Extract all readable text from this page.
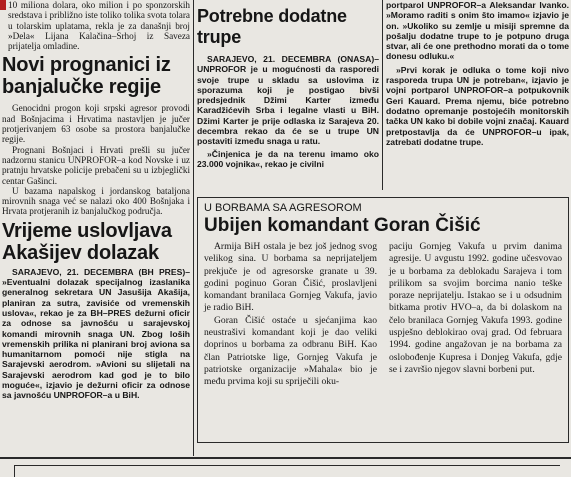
10 miliona dolara, oko milion i po sponzorskih sredstava i približno iste toliko tolika svota tolara u tolarskim uplatama, rekla je za današnji broj »Dela« Lijana Kalačina–Srhoj iz Saveza prijatelja omladine.

Novi prognanici iz banjalučke regije

Genocidni progon koji srpski agresor provodi nad Bošnjacima i Hrvatima nastavljen je jučer protjerivanjem 63 osobe sa prostora banjalučke regije.

Prognani Bošnjaci i Hrvati prešli su jučer nadzornu stanicu UNPROFOR–a kod Novske i uz pratnju hrvatske policije prebačeni su u izbjeglički centar Gašinci.

U bazama napalskog i jordanskog bataljona mirovnih snaga već se nalazi oko 400 Bošnjaka i Hrvata protjeranih iz banjalučkog područja.

Vrijeme uslovljava Akašijev dolazak

SARAJEVO, 21. DECEMBRA (BH PRES)– »Eventualni dolazak specijalnog izaslanika generalnog sekretara UN Jasušija Akašija, planiran za sutra, zavisiće od vremenskih uslova«, rekao je za BH–PRES dežurni oficir za odnose sa javnošću u sarajevskoj komandi mirovnih snaga UN. Zbog loših vremenskih prilika ni planirani broj aviona sa humanitarnom pomoći nije stigla na Sarajevski aerodrom. »Avioni su slijetali na Sarajevski aerodrom kad god je to bilo moguće«, izjavio je dežurni oficir za odnose sa javnošću UNPROFOR–a u BiH.

Potrebne dodatne trupe

SARAJEVO, 21. DECEMBRA (ONASA)– UNPROFOR je u mogućnosti da rasporedi svoje trupe u skladu sa uslovima iz sporazuma koji je postigao bivši predsjednik Džimi Karter između Karadžićevih Srba i legalne vlasti u BiH. Džimi Karter je prije odlaska iz Sarajeva 20. decembra rekao da će se u trupe UN postaviti između snaga u ratu.

»Činjenica je da na terenu imamo oko 23.000 vojnika«, rekao je civilni

portparol UNPROFOR–a Aleksandar Ivanko. »Moramo raditi s onim što imamo« izjavio je on. »Ukoliko su zemlje u misiji spremne da pošalju dodatne trupe to je potpuno druga stvar, ali će one prethodno morati da o tome donesu odluku.«

»Prvi korak je odluka o tome koji nivo rasporeda trupa UN je potreban«, izjavio je vojni portparol UNPROFOR–a potpukovnik Geri Kauard. Prema njemu, biće potrebno dodatno opremanje postojećih monitorskih tačka UN kako bi dobile vojni značaj. Kauard pretpostavlja da će UNPROFOR–u ipak, zatrebati dodatne trupe.

U BORBAMA SA AGRESOROM
Ubijen komandant Goran Čišić

Armija BiH ostala je bez još jednog svog velikog sina. U borbama sa neprijateljem prekjuče je od agresorske granate u 39. godini poginuo Goran Čišić, proslavljeni komandant branilaca Gornjeg Vakufa, javio je radio BiH.

Goran Čišić ostaće u sjećanjima kao neustrašivi komandant koji je dao veliki doprinos u borbama za odbranu BiH. Kao član Patriotske lige, Gornjeg Vakufa je patriotske organizacije »Mahala« bio je među prvima koji su spriječili oku-

paciju Gornjeg Vakufa u prvim danima agresije. U avgustu 1992. godine učesvovao je u borbama za deblokadu Sarajeva i tom prilikom sa svojim borcima nanio teške poraze neprijatelju. Istakao se i u odsudnim bitkama protiv HVO–a, da bi dolaskom na čelo branilaca Gornjeg Vakufa 1993. godine uspješno deblokirao ovaj grad. Od februara 1994. godine angažovan je na borbama za oslobođenje Kupresa i Donjeg Vakufa, gdje se i završio njegov slavni borbeni put.
